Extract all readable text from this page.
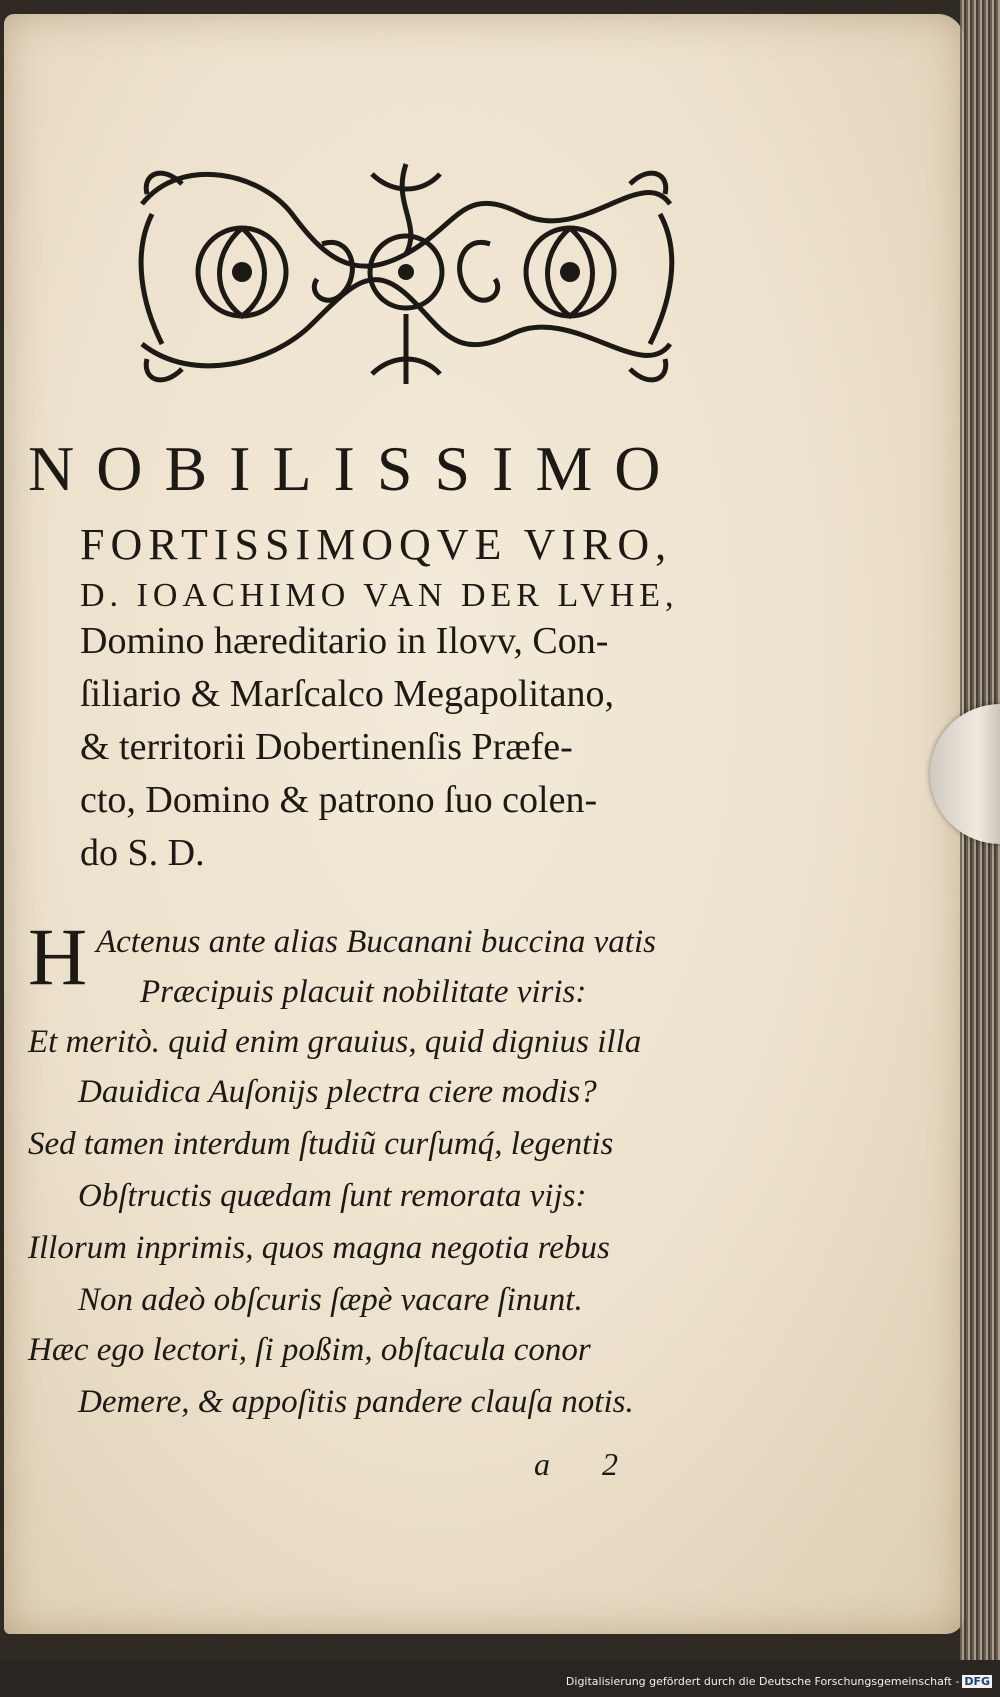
NOBILISSIMO
FORTISSIMOQVE VIRO,
D. IOACHIMO VAN DER LVHE,
Domino hæreditario in Ilovv, Con-
ſiliario & Marſcalco Megapolitano,
& territorii Dobertinenſis Præfe-
cto, Domino & patrono ſuo colen-
do S. D.
H Actenus ante alias Bucanani buccina vatis
Præcipuis placuit nobilitate viris:
Et meritò. quid enim grauius, quid dignius illa
Dauidica Auſonijs plectra ciere modis?
Sed tamen interdum ſtudiũ curſumq́, legentis
Obſtructis quædam ſunt remorata vijs:
Illorum inprimis, quos magna negotia rebus
Non adeò obſcuris ſæpè vacare ſinunt.
Hæc ego lectori, ſi poßim, obſtacula conor
Demere, & appoſitis pandere clauſa notis.
a 2
Digitalisierung gefördert durch die Deutsche Forschungsgemeinschaft - DFG
